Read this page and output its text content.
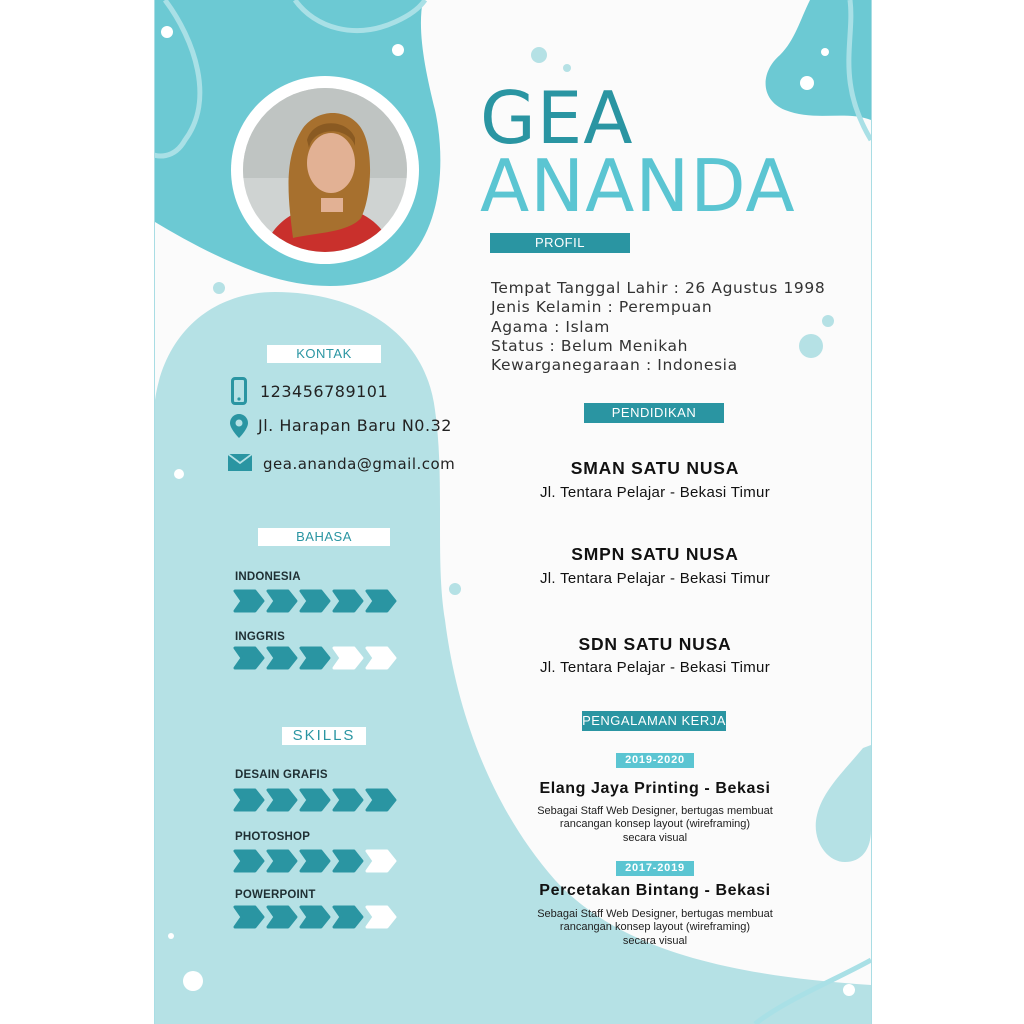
GEA
ANANDA
PROFIL
Tempat Tanggal Lahir : 26 Agustus 1998
Jenis Kelamin : Perempuan
Agama : Islam
Status : Belum Menikah
Kewarganegaraan : Indonesia
KONTAK
123456789101
Jl. Harapan Baru N0.32
gea.ananda@gmail.com
BAHASA
INDONESIA
INGGRIS
SKILLS
DESAIN GRAFIS
PHOTOSHOP
POWERPOINT
PENDIDIKAN
SMAN SATU NUSA
Jl. Tentara Pelajar - Bekasi Timur
SMPN SATU NUSA
Jl. Tentara Pelajar - Bekasi Timur
SDN SATU NUSA
Jl. Tentara Pelajar - Bekasi Timur
PENGALAMAN KERJA
2019-2020
Elang Jaya Printing - Bekasi
Sebagai Staff Web Designer, bertugas membuat
rancangan konsep layout (wireframing)
secara visual
2017-2019
Percetakan Bintang - Bekasi
Sebagai Staff Web Designer, bertugas membuat
rancangan konsep layout (wireframing)
secara visual
